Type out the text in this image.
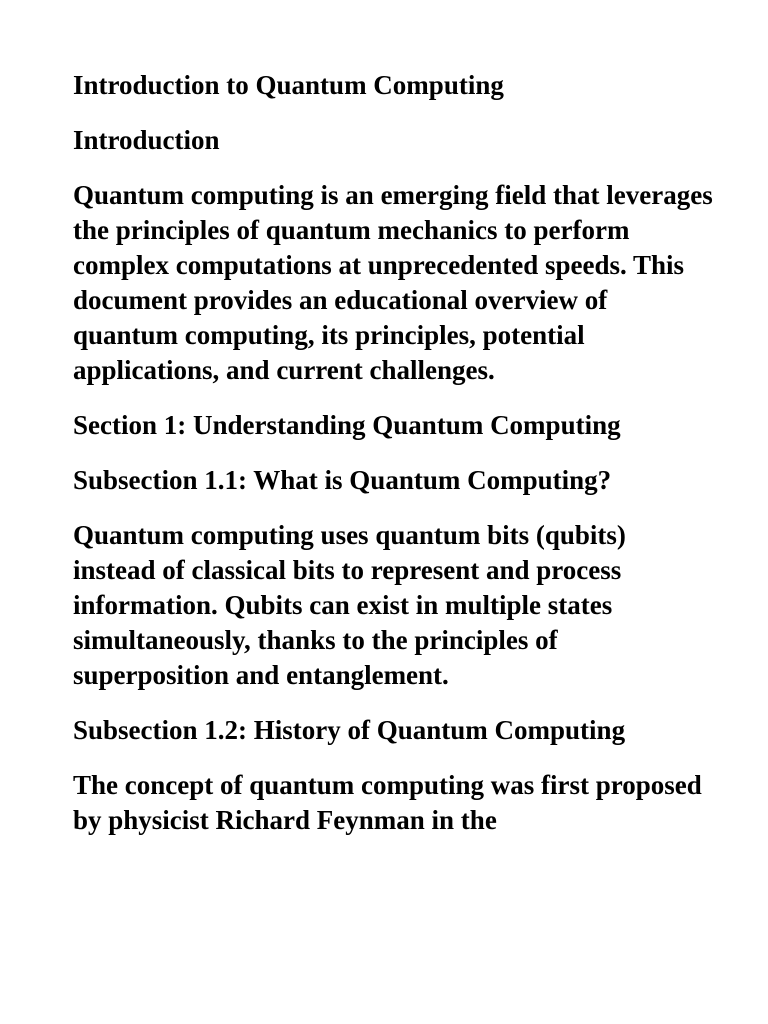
Introduction to Quantum Computing

Introduction

Quantum computing is an emerging field that leverages the principles of quantum mechanics to perform complex computations at unprecedented speeds. This document provides an educational overview of quantum computing, its principles, potential applications, and current challenges.

Section 1: Understanding Quantum Computing

Subsection 1.1: What is Quantum Computing?

Quantum computing uses quantum bits (qubits) instead of classical bits to represent and process information. Qubits can exist in multiple states simultaneously, thanks to the principles of superposition and entanglement.

Subsection 1.2: History of Quantum Computing

The concept of quantum computing was first proposed by physicist Richard Feynman in the
